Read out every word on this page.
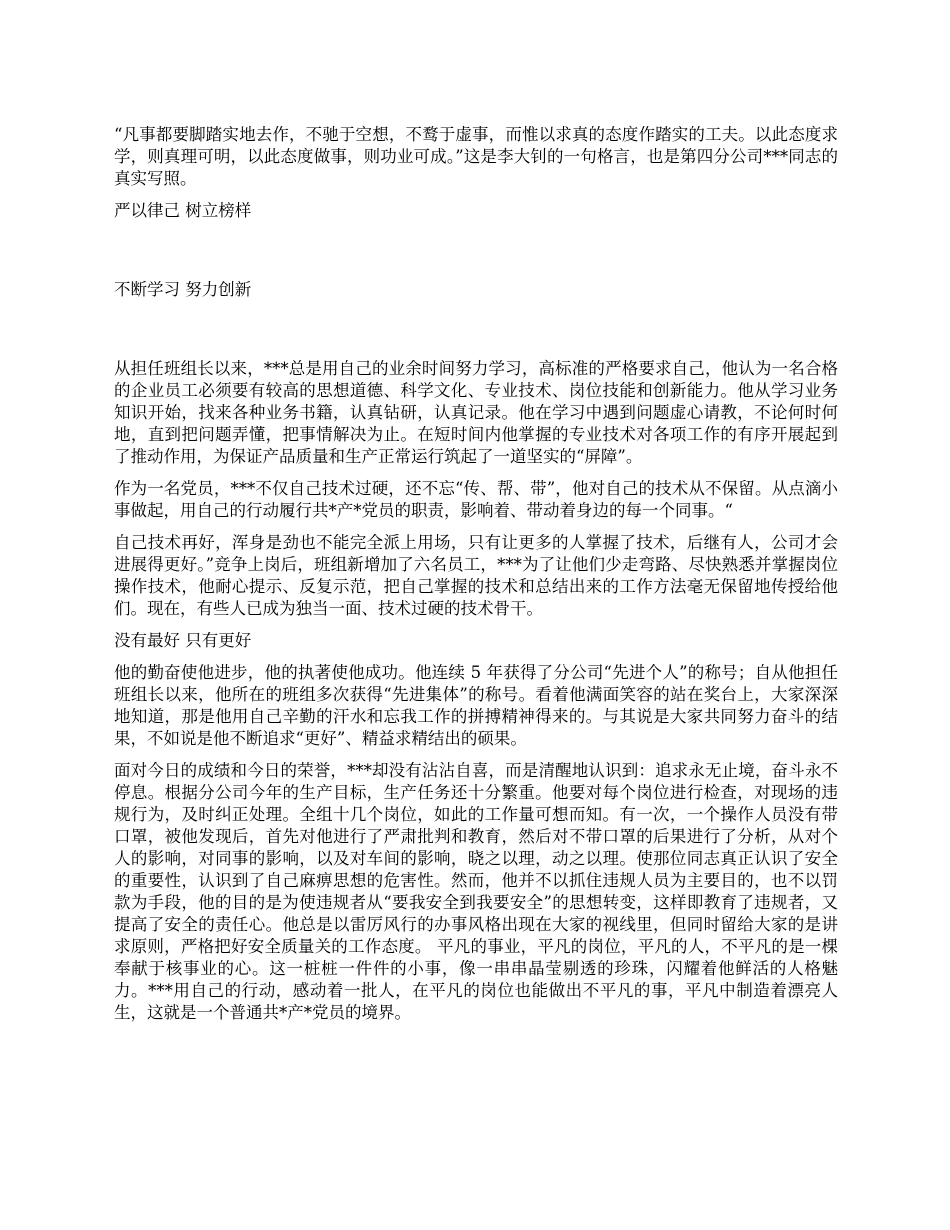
“凡事都要脚踏实地去作，不驰于空想，不鹜于虚事，而惟以求真的态度作踏实的工夫。以此态度求学，则真理可明，以此态度做事，则功业可成。”这是李大钊的一句格言，也是第四分公司***同志的真实写照。

严以律己 树立榜样

不断学习 努力创新

从担任班组长以来，***总是用自己的业余时间努力学习，高标准的严格要求自己，他认为一名合格的企业员工必须要有较高的思想道德、科学文化、专业技术、岗位技能和创新能力。他从学习业务知识开始，找来各种业务书籍，认真钻研，认真记录。他在学习中遇到问题虚心请教，不论何时何地，直到把问题弄懂，把事情解决为止。在短时间内他掌握的专业技术对各项工作的有序开展起到了推动作用，为保证产品质量和生产正常运行筑起了一道坚实的“屏障”。

作为一名党员，***不仅自己技术过硬，还不忘“传、帮、带”，他对自己的技术从不保留。从点滴小事做起，用自己的行动履行共*产*党员的职责，影响着、带动着身边的每一个同事。“

自己技术再好，浑身是劲也不能完全派上用场，只有让更多的人掌握了技术，后继有人，公司才会进展得更好。”竞争上岗后，班组新增加了六名员工，***为了让他们少走弯路、尽快熟悉并掌握岗位操作技术，他耐心提示、反复示范，把自己掌握的技术和总结出来的工作方法毫无保留地传授给他们。现在，有些人已成为独当一面、技术过硬的技术骨干。

没有最好 只有更好

他的勤奋使他进步，他的执著使他成功。他连续 5 年获得了分公司“先进个人”的称号；自从他担任班组长以来，他所在的班组多次获得“先进集体”的称号。看着他满面笑容的站在奖台上，大家深深地知道，那是他用自己辛勤的汗水和忘我工作的拼搏精神得来的。与其说是大家共同努力奋斗的结果，不如说是他不断追求“更好”、精益求精结出的硕果。

面对今日的成绩和今日的荣誉，***却没有沾沾自喜，而是清醒地认识到：追求永无止境，奋斗永不停息。根据分公司今年的生产目标，生产任务还十分繁重。他要对每个岗位进行检查，对现场的违规行为，及时纠正处理。全组十几个岗位，如此的工作量可想而知。有一次，一个操作人员没有带口罩，被他发现后，首先对他进行了严肃批判和教育，然后对不带口罩的后果进行了分析，从对个人的影响，对同事的影响，以及对车间的影响，晓之以理，动之以理。使那位同志真正认识了安全的重要性，认识到了自己麻痹思想的危害性。然而，他并不以抓住违规人员为主要目的，也不以罚款为手段，他的目的是为使违规者从“要我安全到我要安全”的思想转变，这样即教育了违规者，又提高了安全的责任心。他总是以雷厉风行的办事风格出现在大家的视线里，但同时留给大家的是讲求原则，严格把好安全质量关的工作态度。 平凡的事业，平凡的岗位，平凡的人，不平凡的是一棵奉献于核事业的心。这一桩桩一件件的小事，像一串串晶莹剔透的珍珠，闪耀着他鲜活的人格魅力。***用自己的行动，感动着一批人，在平凡的岗位也能做出不平凡的事，平凡中制造着漂亮人生，这就是一个普通共*产*党员的境界。
